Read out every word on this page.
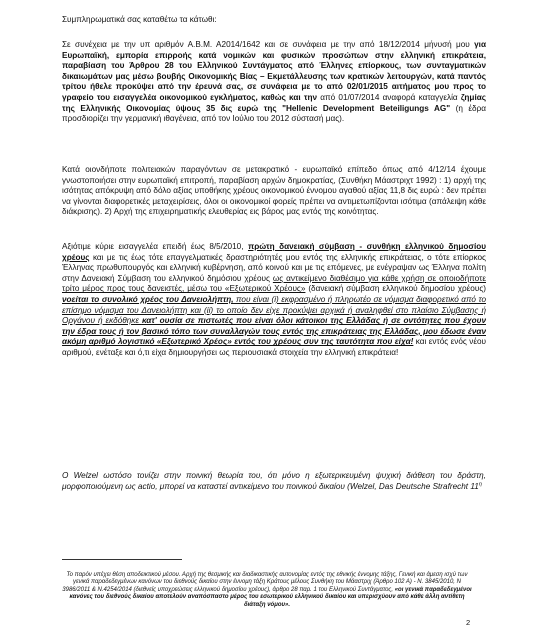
Συμπληρωματικά σας καταθέτω τα κάτωθι:

Σε συνέχεια με την υπ αριθμόν Α.Β.Μ. Α2014/1642 και σε συνάφεια με την από 18/12/2014 μήνυσή μου για Ευρωπαϊκή, εμπορία επιρροής κατά νομικών και φυσικών προσώπων στην ελληνική επικράτεια, παραβίαση του Άρθρου 28 του Ελληνικού Συντάγματος από Έλληνες επίορκους, των συνταγματικών δικαιωμάτων μας μέσω βουβής Οικονομικής Βίας – Εκμετάλλευσης των κρατικών λειτουργών, κατά παντός τρίτου ήθελε προκύψει από την έρευνά σας, σε συνάφεια με το από 02/01/2015 αιτήματος μου προς το γραφείο του εισαγγελέα οικονομικού εγκλήματος, καθώς και την από 01/07/2014 αναφορά καταγγελία ζημίας της Ελληνικής Οικονομίας ύψους 35 δις ευρώ της "Hellenic Development Beteiligungs AG" (η έδρα προσδιορίζει την γερμανική ιθαγένεια, από τον Ιούλιο του 2012 σύστασή μας).

Κατά οιονδήποτε πολιτειακών παραγόντων σε μετακρατικό - ευρωπαϊκό επίπεδο όπως από 4/12/14 έχουμε γνωστοποιήσει στην ευρωπαϊκή επιτροπή, παραβίαση αρχών δημοκρατίας, (Συνθήκη Μάαστριχτ 1992) : 1) αρχή της ισότητας απόκρυψη από δόλο αξίας υποθήκης χρέους οικονομικού έννομου αγαθού αξίας 11,8 δις ευρώ : δεν πρέπει να γίνονται διαφορετικές μεταχειρίσεις, όλοι οι οικονομικοί φορείς πρέπει να αντιμετωπίζονται ισότιμα (απάλειψη κάθε διάκρισης). 2) Αρχή της επιχειρηματικής ελευθερίας εις βάρος μας εντός της κοινότητας.

Αξιότιμε κύριε εισαγγελέα επειδή έως 8/5/2010, πρώτη δανειακή σύμβαση - συνθήκη ελληνικού δημοσίου χρέους και με τις έως τότε επαγγελματικές δραστηριότητές μου εντός της ελληνικής επικράτειας, ο τότε επίορκος Έλληνας πρωθυπουργός και ελληνική κυβέρνηση, από κοινού και με τις επόμενες, με ενέγραψαν ως Έλληνα πολίτη στην Δανειακή Σύμβαση του ελληνικού δημόσιου χρέους ως αντικείμενο διαθέσιμο για κάθε χρήση σε οποιοδήποτε τρίτο μέρος προς τους δανειστές, μέσω του «Εξωτερικού Χρέους» (δανειακή σύμβαση ελληνικού δημοσίου χρέους) νοείται το συνολικό χρέος του Δανειολήπτη, που είναι (i) εκφρασμένο ή πληρωτέο σε νόμισμα διαφορετικό από το επίσημο νόμισμα του Δανειολήπτη και (ii) το οποίο δεν είχε προκύψει αρχικά ή αναληφθεί στο πλαίσιο Σύμβασης ή Οργάνου ή εκδόθηκε κατ' ουσία σε πιστωτές που είναι όλοι κάτοικοι της Ελλάδας ή σε οντότητες που έχουν την έδρα τους ή τον βασικό τόπο των συναλλαγών τους εντός της επικράτειας της Ελλάδας, μου έδωσε έναν ακόμη αριθμό λογιστικό «Εξωτερικό Χρέος» εντός του χρέους συν της ταυτότητα που είχα! και εντός ενός νέου αριθμού, ενέταξε και ό,τι είχα δημιουργήσει ως περιουσιακά στοιχεία την ελληνική επικράτεια!

Ο Welzel ωστόσο τονίζει στην ποινική θεωρία του, ότι μόνο η εξωτερικευμένη ψυχική διάθεση του δράστη, μορφοποιούμενη ως actio, μπορεί να καταστεί αντικείμενο του ποινικού δικαίου (Welzel, Das Deutsche Strafrecht $11^\eta$

Το παρόν υπέχει θέση αποδεικτικού μέσου. Αρχή της θεσμικής και διαδικαστικής αυτονομίας εντός της εθνικής έννομης τάξης, Γενική και άμεση ισχύ των γενικά παραδεδεγμένων κανόνων του διεθνούς δικαίου στην έννομη τάξη Κράτους μέλους Συνθήκη του Μάαστριχ (Άρθρο 102 Α) - Ν. 3845/2010, Ν 3986/2011 & Ν.4254/2014 (διεθνείς υποχρεώσεις ελληνικού δημοσίου χρέους), άρθρο 28 παρ. 1 του Ελληνικού Συντάγματος, «οι γενικά παραδεδεγμένοι κανόνες του διεθνούς δικαίου αποτελούν αναπόσπαστο μέρος του εσωτερικού ελληνικού δικαίου και υπερισχύουν από κάθε άλλη αντίθετη διάταξη νόμου».

2
